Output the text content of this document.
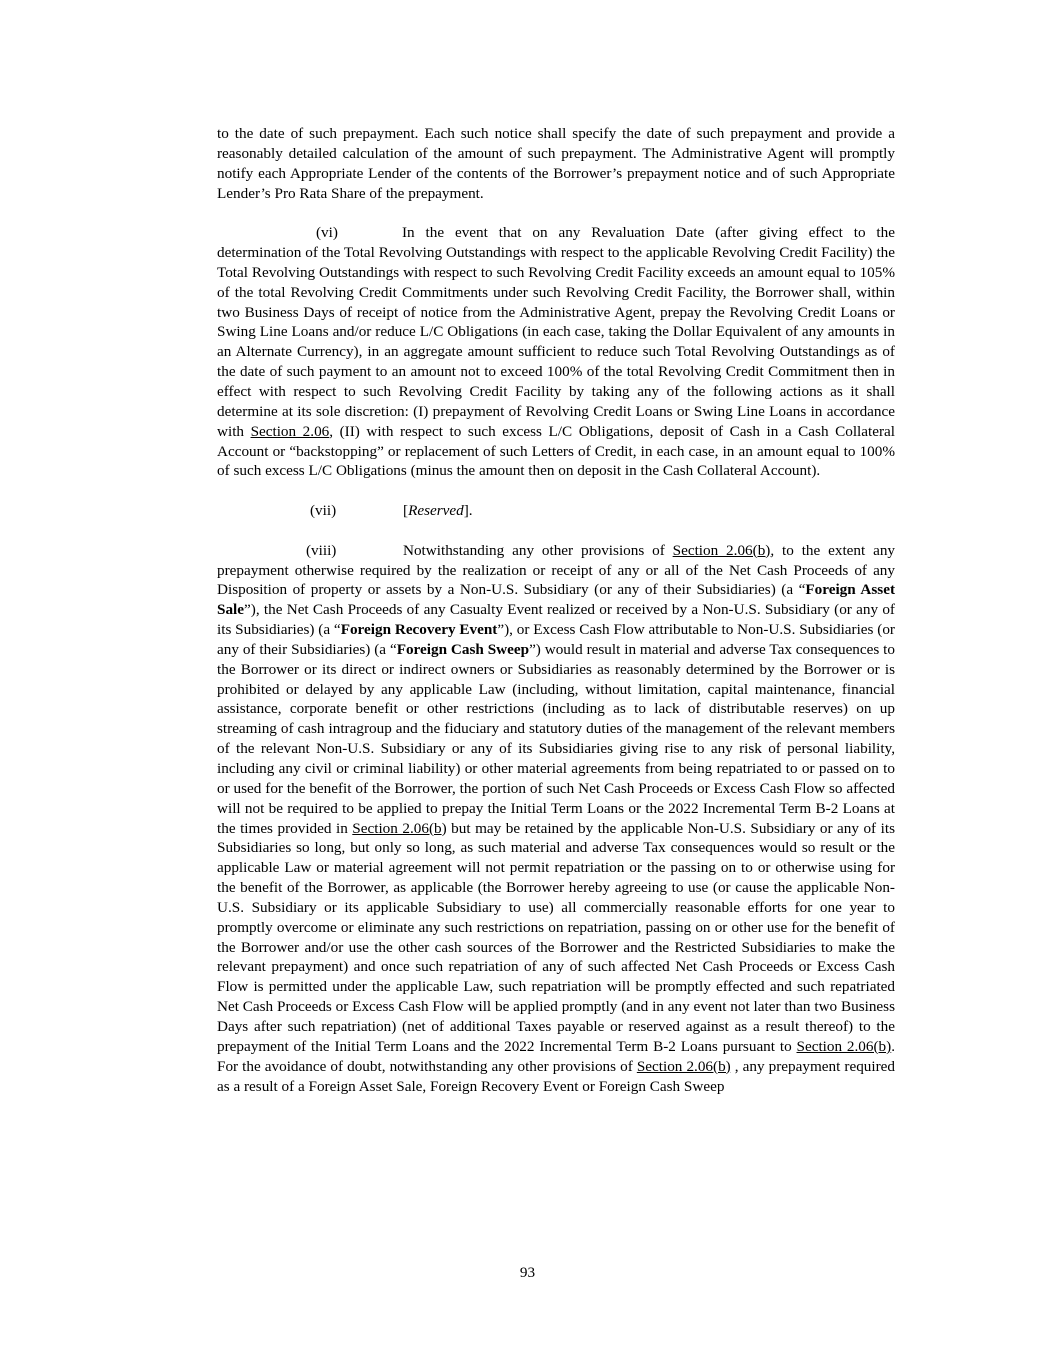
to the date of such prepayment. Each such notice shall specify the date of such prepayment and provide a reasonably detailed calculation of the amount of such prepayment. The Administrative Agent will promptly notify each Appropriate Lender of the contents of the Borrower’s prepayment notice and of such Appropriate Lender’s Pro Rata Share of the prepayment.

(vi)	In the event that on any Revaluation Date (after giving effect to the determination of the Total Revolving Outstandings with respect to the applicable Revolving Credit Facility) the Total Revolving Outstandings with respect to such Revolving Credit Facility exceeds an amount equal to 105% of the total Revolving Credit Commitments under such Revolving Credit Facility, the Borrower shall, within two Business Days of receipt of notice from the Administrative Agent, prepay the Revolving Credit Loans or Swing Line Loans and/or reduce L/C Obligations (in each case, taking the Dollar Equivalent of any amounts in an Alternate Currency), in an aggregate amount sufficient to reduce such Total Revolving Outstandings as of the date of such payment to an amount not to exceed 100% of the total Revolving Credit Commitment then in effect with respect to such Revolving Credit Facility by taking any of the following actions as it shall determine at its sole discretion: (I) prepayment of Revolving Credit Loans or Swing Line Loans in accordance with Section 2.06, (II) with respect to such excess L/C Obligations, deposit of Cash in a Cash Collateral Account or “backstopping” or replacement of such Letters of Credit, in each case, in an amount equal to 100% of such excess L/C Obligations (minus the amount then on deposit in the Cash Collateral Account).

(vii)	[Reserved].

(viii)	Notwithstanding any other provisions of Section 2.06(b), to the extent any prepayment otherwise required by the realization or receipt of any or all of the Net Cash Proceeds of any Disposition of property or assets by a Non-U.S. Subsidiary (or any of their Subsidiaries) (a “Foreign Asset Sale”), the Net Cash Proceeds of any Casualty Event realized or received by a Non-U.S. Subsidiary (or any of its Subsidiaries) (a “Foreign Recovery Event”), or Excess Cash Flow attributable to Non-U.S. Subsidiaries (or any of their Subsidiaries) (a “Foreign Cash Sweep”) would result in material and adverse Tax consequences to the Borrower or its direct or indirect owners or Subsidiaries as reasonably determined by the Borrower or is prohibited or delayed by any applicable Law (including, without limitation, capital maintenance, financial assistance, corporate benefit or other restrictions (including as to lack of distributable reserves) on up streaming of cash intragroup and the fiduciary and statutory duties of the management of the relevant members of the relevant Non-U.S. Subsidiary or any of its Subsidiaries giving rise to any risk of personal liability, including any civil or criminal liability) or other material agreements from being repatriated to or passed on to or used for the benefit of the Borrower, the portion of such Net Cash Proceeds or Excess Cash Flow so affected will not be required to be applied to prepay the Initial Term Loans or the 2022 Incremental Term B-2 Loans at the times provided in Section 2.06(b) but may be retained by the applicable Non-U.S. Subsidiary or any of its Subsidiaries so long, but only so long, as such material and adverse Tax consequences would so result or the applicable Law or material agreement will not permit repatriation or the passing on to or otherwise using for the benefit of the Borrower, as applicable (the Borrower hereby agreeing to use (or cause the applicable Non-U.S. Subsidiary or its applicable Subsidiary to use) all commercially reasonable efforts for one year to promptly overcome or eliminate any such restrictions on repatriation, passing on or other use for the benefit of the Borrower and/or use the other cash sources of the Borrower and the Restricted Subsidiaries to make the relevant prepayment) and once such repatriation of any of such affected Net Cash Proceeds or Excess Cash Flow is permitted under the applicable Law, such repatriation will be promptly effected and such repatriated Net Cash Proceeds or Excess Cash Flow will be applied promptly (and in any event not later than two Business Days after such repatriation) (net of additional Taxes payable or reserved against as a result thereof) to the prepayment of the Initial Term Loans and the 2022 Incremental Term B-2 Loans pursuant to Section 2.06(b). For the avoidance of doubt, notwithstanding any other provisions of Section 2.06(b) , any prepayment required as a result of a Foreign Asset Sale, Foreign Recovery Event or Foreign Cash Sweep

93
